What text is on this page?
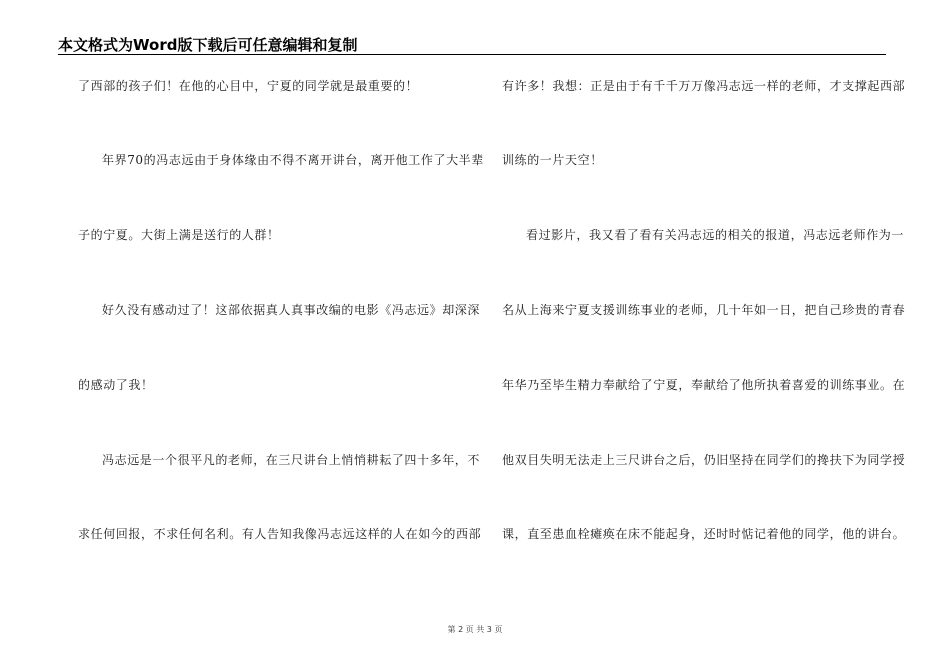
本文格式为Word版下载后可任意编辑和复制
了西部的孩子们！在他的心目中，宁夏的同学就是最重要的！
年界70的冯志远由于身体缘由不得不离开讲台，离开他工作了大半辈
子的宁夏。大街上满是送行的人群！
好久没有感动过了！这部依据真人真事改编的电影《冯志远》却深深
的感动了我！
冯志远是一个很平凡的老师，在三尺讲台上悄悄耕耘了四十多年，不
求任何回报，不求任何名利。有人告知我像冯志远这样的人在如今的西部
有许多！我想：正是由于有千千万万像冯志远一样的老师，才支撑起西部
训练的一片天空！
看过影片，我又看了看有关冯志远的相关的报道，冯志远老师作为一
名从上海来宁夏支援训练事业的老师，几十年如一日，把自己珍贵的青春
年华乃至毕生精力奉献给了宁夏，奉献给了他所执着喜爱的训练事业。在
他双目失明无法走上三尺讲台之后，仍旧坚持在同学们的搀扶下为同学授
课，直至患血栓瘫痪在床不能起身，还时时惦记着他的同学，他的讲台。
第 2 页 共 3 页
